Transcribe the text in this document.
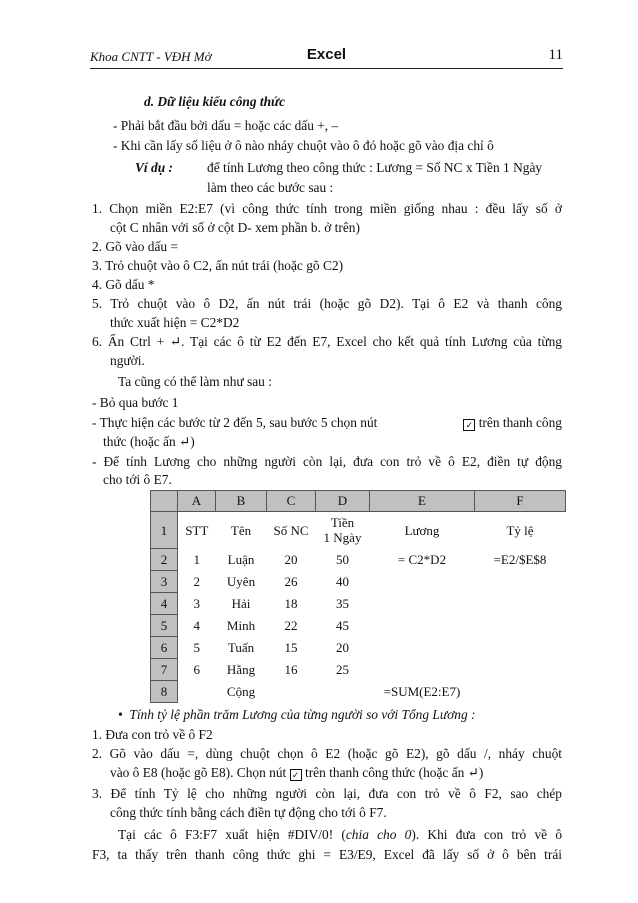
Khoa CNTT - VĐH Mở	Excel	11
d. Dữ liệu kiểu công thức
- Phải bắt đầu bởi dấu = hoặc các dấu +, –
- Khi cần lấy số liệu ở ô nào nháy chuột vào ô đó hoặc gõ vào địa chỉ ô
Ví dụ :	để tính Lương theo công thức : Lương = Số NC x Tiền 1 Ngày
làm theo các bước sau :
1. Chọn miền E2:E7 (vì công thức tính trong miền giống nhau : đều lấy số ở
cột C nhân với số ở cột D- xem phần b. ở trên)
2. Gõ vào dấu =
3. Trỏ chuột vào ô C2, ấn nút trái (hoặc gõ C2)
4. Gõ dấu *
5. Trỏ chuột vào ô D2, ấn nút trái (hoặc gõ D2). Tại ô E2 và thanh công
thức xuất hiện = C2*D2
6. Ấn Ctrl + ↵. Tại các ô từ E2 đến E7, Excel cho kết quả tính Lương của từng
người.
Ta cũng có thể làm như sau :
- Bỏ qua bước 1
- Thực hiện các bước từ 2 đến 5, sau bước 5 chọn nút	✓ trên thanh công
thức (hoặc ấn ↵)
- Để tính Lương cho những người còn lại, đưa con trỏ về ô E2, điền tự động
cho tới ô E7.
	A	B	C	D	E	F
1	STT	Tên	Số NC	Tiền
1 Ngày	Lương	Tỷ lệ
2	1	Luận	20	50	= C2*D2	=E2/$E$8
3	2	Uyên	26	40		
4	3	Hải	18	35		
5	4	Minh	22	45		
6	5	Tuấn	15	20		
7	6	Hằng	16	25		
8		Cộng			=SUM(E2:E7)	
•  Tính tỷ lệ phần trăm Lương của từng người so với Tổng Lương :
1. Đưa con trỏ về ô F2
2. Gõ vào dấu =, dùng chuột chọn ô E2 (hoặc gõ E2), gõ dấu /, nháy chuột
vào ô E8 (hoặc gõ E8). Chọn nút ✓ trên thanh công thức (hoặc ấn ↵)
3. Để tính Tỷ lệ cho những người còn lại, đưa con trỏ về ô F2, sao chép
công thức tính bằng cách điền tự động cho tới ô F7.
Tại các ô F3:F7 xuất hiện #DIV/0! (chia cho 0). Khi đưa con trỏ về ô
F3, ta thấy trên thanh công thức ghi = E3/E9, Excel đã lấy số ở ô bên trái
